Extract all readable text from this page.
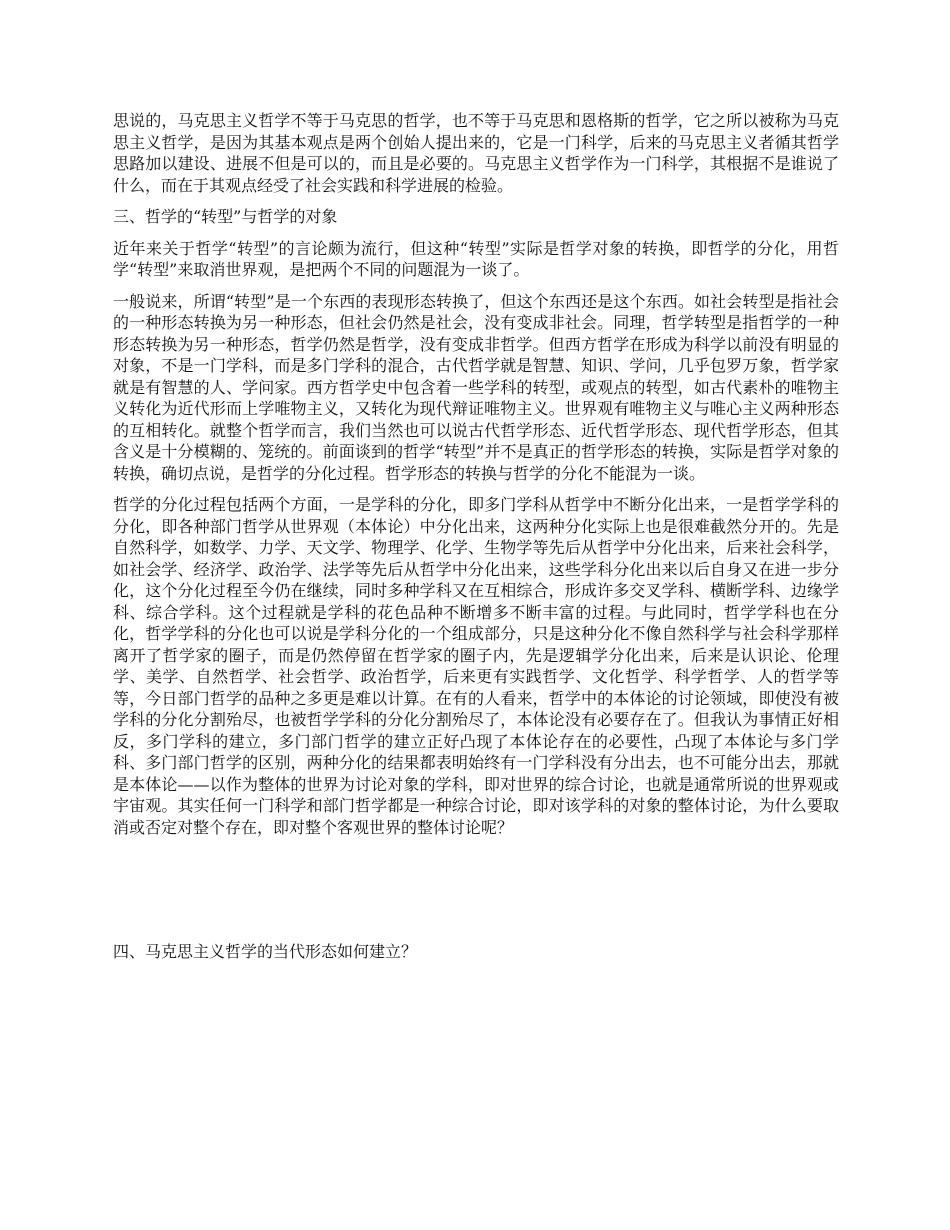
思说的，马克思主义哲学不等于马克思的哲学，也不等于马克思和恩格斯的哲学，它之所以被称为马克思主义哲学，是因为其基本观点是两个创始人提出来的，它是一门科学，后来的马克思主义者循其哲学思路加以建设、进展不但是可以的，而且是必要的。马克思主义哲学作为一门科学，其根据不是谁说了什么，而在于其观点经受了社会实践和科学进展的检验。

三、哲学的“转型”与哲学的对象

近年来关于哲学“转型”的言论颇为流行，但这种“转型”实际是哲学对象的转换，即哲学的分化，用哲学“转型”来取消世界观，是把两个不同的问题混为一谈了。

一般说来，所谓“转型”是一个东西的表现形态转换了，但这个东西还是这个东西。如社会转型是指社会的一种形态转换为另一种形态，但社会仍然是社会，没有变成非社会。同理，哲学转型是指哲学的一种形态转换为另一种形态，哲学仍然是哲学，没有变成非哲学。但西方哲学在形成为科学以前没有明显的对象，不是一门学科，而是多门学科的混合，古代哲学就是智慧、知识、学问，几乎包罗万象，哲学家就是有智慧的人、学问家。西方哲学史中包含着一些学科的转型，或观点的转型，如古代素朴的唯物主义转化为近代形而上学唯物主义，又转化为现代辩证唯物主义。世界观有唯物主义与唯心主义两种形态的互相转化。就整个哲学而言，我们当然也可以说古代哲学形态、近代哲学形态、现代哲学形态，但其含义是十分模糊的、笼统的。前面谈到的哲学“转型”并不是真正的哲学形态的转换，实际是哲学对象的转换，确切点说，是哲学的分化过程。哲学形态的转换与哲学的分化不能混为一谈。

哲学的分化过程包括两个方面，一是学科的分化，即多门学科从哲学中不断分化出来，一是哲学学科的分化，即各种部门哲学从世界观（本体论）中分化出来，这两种分化实际上也是很难截然分开的。先是自然科学，如数学、力学、天文学、物理学、化学、生物学等先后从哲学中分化出来，后来社会科学，如社会学、经济学、政治学、法学等先后从哲学中分化出来，这些学科分化出来以后自身又在进一步分化，这个分化过程至今仍在继续，同时多种学科又在互相综合，形成许多交叉学科、横断学科、边缘学科、综合学科。这个过程就是学科的花色品种不断增多不断丰富的过程。与此同时，哲学学科也在分化，哲学学科的分化也可以说是学科分化的一个组成部分，只是这种分化不像自然科学与社会科学那样离开了哲学家的圈子，而是仍然停留在哲学家的圈子内，先是逻辑学分化出来，后来是认识论、伦理学、美学、自然哲学、社会哲学、政治哲学，后来更有实践哲学、文化哲学、科学哲学、人的哲学等等，今日部门哲学的品种之多更是难以计算。在有的人看来，哲学中的本体论的讨论领域，即使没有被学科的分化分割殆尽，也被哲学学科的分化分割殆尽了，本体论没有必要存在了。但我认为事情正好相反，多门学科的建立，多门部门哲学的建立正好凸现了本体论存在的必要性，凸现了本体论与多门学科、多门部门哲学的区别，两种分化的结果都表明始终有一门学科没有分出去，也不可能分出去，那就是本体论——以作为整体的世界为讨论对象的学科，即对世界的综合讨论，也就是通常所说的世界观或宇宙观。其实任何一门科学和部门哲学都是一种综合讨论，即对该学科的对象的整体讨论，为什么要取消或否定对整个存在，即对整个客观世界的整体讨论呢？

四、马克思主义哲学的当代形态如何建立？
